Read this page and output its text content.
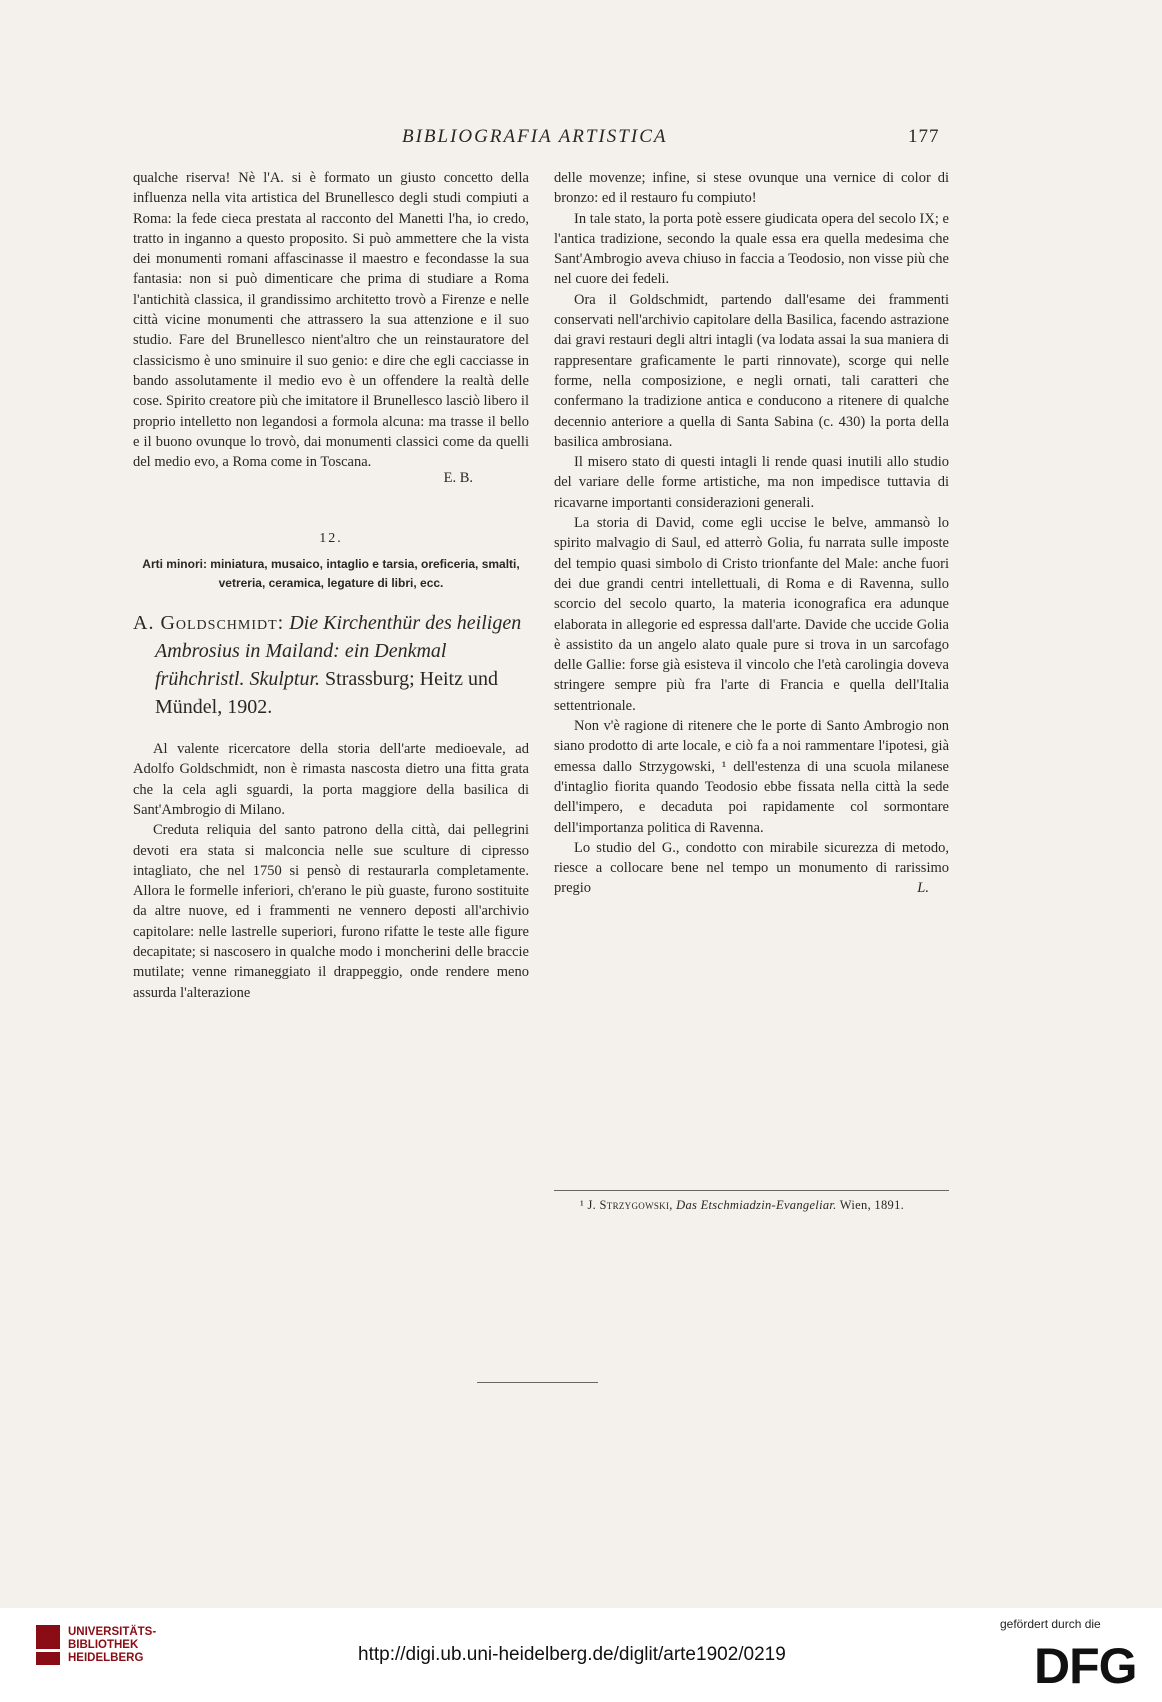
BIBLIOGRAFIA ARTISTICA	177

qualche riserva! Nè l'A. si è formato un giusto concetto della influenza nella vita artistica del Brunellesco degli studi compiuti a Roma: la fede cieca prestata al racconto del Manetti l'ha, io credo, tratto in inganno a questo proposito. Si può ammettere che la vista dei monumenti romani affascinasse il maestro e fecondasse la sua fantasia: non si può dimenticare che prima di studiare a Roma l'antichità classica, il grandissimo architetto trovò a Firenze e nelle città vicine monumenti che attrassero la sua attenzione e il suo studio. Fare del Brunellesco nient'altro che un reinstauratore del classicismo è uno sminuire il suo genio: e dire che egli cacciasse in bando assolutamente il medio evo è un offendere la realtà delle cose. Spirito creatore più che imitatore il Brunellesco lasciò libero il proprio intelletto non legandosi a formola alcuna: ma trasse il bello e il buono ovunque lo trovò, dai monumenti classici come da quelli del medio evo, a Roma come in Toscana.

E. B.
12.
Arti minori: miniatura, musaico, intaglio e tarsia, oreficeria, smalti, vetreria, ceramica, legature di libri, ecc.
A. Goldschmidt: Die Kirchenthür des heiligen Ambrosius in Mailand: ein Denkmal frühchristl. Skulptur. Strassburg; Heitz und Mündel, 1902.

Al valente ricercatore della storia dell'arte medioevale, ad Adolfo Goldschmidt, non è rimasta nascosta dietro una fitta grata che la cela agli sguardi, la porta maggiore della basilica di Sant'Ambrogio di Milano.

Creduta reliquia del santo patrono della città, dai pellegrini devoti era stata si malconcia nelle sue sculture di cipresso intagliato, che nel 1750 si pensò di restaurarla completamente. Allora le formelle inferiori, ch'erano le più guaste, furono sostituite da altre nuove, ed i frammenti ne vennero deposti all'archivio capitolare: nelle lastrelle superiori, furono rifatte le teste alle figure decapitate; si nascosero in qualche modo i moncherini delle braccie mutilate; venne rimaneggiato il drappeggio, onde rendere meno assurda l'alterazione

delle movenze; infine, si stese ovunque una vernice di color di bronzo: ed il restauro fu compiuto!

In tale stato, la porta potè essere giudicata opera del secolo IX; e l'antica tradizione, secondo la quale essa era quella medesima che Sant'Ambrogio aveva chiuso in faccia a Teodosio, non visse più che nel cuore dei fedeli.

Ora il Goldschmidt, partendo dall'esame dei frammenti conservati nell'archivio capitolare della Basilica, facendo astrazione dai gravi restauri degli altri intagli (va lodata assai la sua maniera di rappresentare graficamente le parti rinnovate), scorge qui nelle forme, nella composizione, e negli ornati, tali caratteri che confermano la tradizione antica e conducono a ritenere di qualche decennio anteriore a quella di Santa Sabina (c. 430) la porta della basilica ambrosiana.

Il misero stato di questi intagli li rende quasi inutili allo studio del variare delle forme artistiche, ma non impedisce tuttavia di ricavarne importanti considerazioni generali.

La storia di David, come egli uccise le belve, ammansò lo spirito malvagio di Saul, ed atterrò Golia, fu narrata sulle imposte del tempio quasi simbolo di Cristo trionfante del Male: anche fuori dei due grandi centri intellettuali, di Roma e di Ravenna, sullo scorcio del secolo quarto, la materia iconografica era adunque elaborata in allegorie ed espressa dall'arte. Davide che uccide Golia è assistito da un angelo alato quale pure si trova in un sarcofago delle Gallie: forse già esisteva il vincolo che l'età carolingia doveva stringere sempre più fra l'arte di Francia e quella dell'Italia settentrionale.

Non v'è ragione di ritenere che le porte di Santo Ambrogio non siano prodotto di arte locale, e ciò fa a noi rammentare l'ipotesi, già emessa dallo Strzygowski, ¹ dell'estenza di una scuola milanese d'intaglio fiorita quando Teodosio ebbe fissata nella città la sede dell'impero, e decaduta poi rapidamente col sormontare dell'importanza politica di Ravenna.

Lo studio del G., condotto con mirabile sicurezza di metodo, riesce a collocare bene nel tempo un monumento di rarissimo pregio	L.

¹ J. Strzygowski, Das Etschmiadzin-Evangeliar. Wien, 1891.
UNIVERSITÄTS-
BIBLIOTHEK
HEIDELBERG	http://digi.ub.uni-heidelberg.de/diglit/arte1902/0219
gefördert durch die
DFG
